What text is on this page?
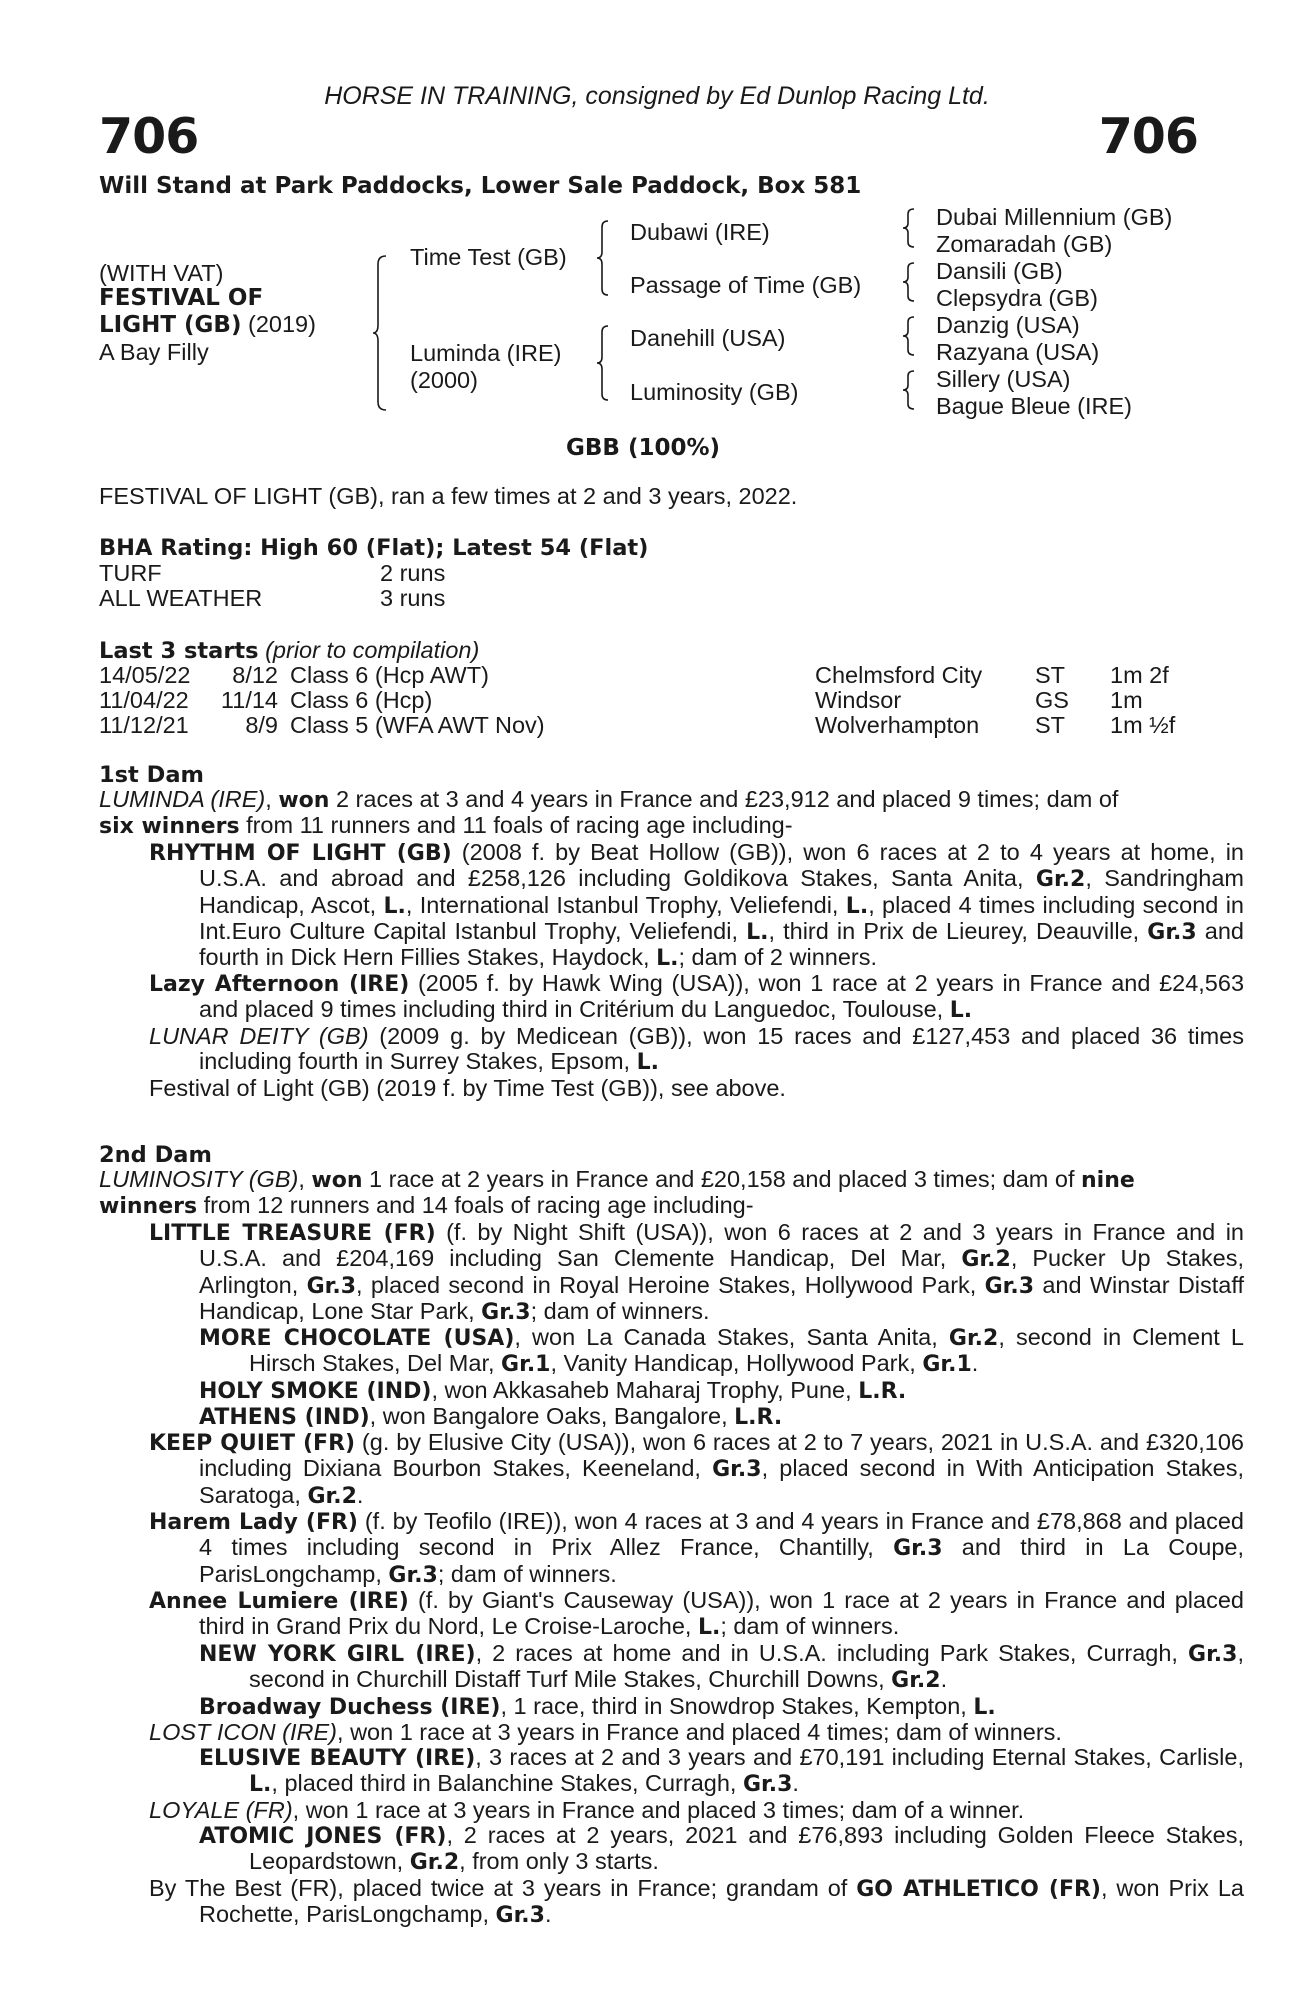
HORSE IN TRAINING, consigned by Ed Dunlop Racing Ltd.
706	706
Will Stand at Park Paddocks, Lower Sale Paddock, Box 581
(WITH VAT)
FESTIVAL OF
LIGHT (GB) (2019)
A Bay Filly
Time Test (GB)
Luminda (IRE)
(2000)
Dubawi (IRE)
Passage of Time (GB)
Danehill (USA)
Luminosity (GB)
Dubai Millennium (GB)
Zomaradah (GB)
Dansili (GB)
Clepsydra (GB)
Danzig (USA)
Razyana (USA)
Sillery (USA)
Bague Bleue (IRE)
GBB (100%)
FESTIVAL OF LIGHT (GB), ran a few times at 2 and 3 years, 2022.
BHA Rating: High 60 (Flat); Latest 54 (Flat)
TURF	2 runs
ALL WEATHER	3 runs
Last 3 starts (prior to compilation)
14/05/22 8/12 Class 6 (Hcp AWT)	Chelmsford City ST 1m 2f
11/04/22 11/14 Class 6 (Hcp)	Windsor	GS 1m
11/12/21 8/9 Class 5 (WFA AWT Nov)	Wolverhampton ST 1m ½f
1st Dam
LUMINDA (IRE), won 2 races at 3 and 4 years in France and £23,912 and placed 9 times; dam of six winners from 11 runners and 11 foals of racing age including-
RHYTHM OF LIGHT (GB) (2008 f. by Beat Hollow (GB)), won 6 races at 2 to 4 years at home, in U.S.A. and abroad and £258,126 including Goldikova Stakes, Santa Anita, Gr.2, Sandringham Handicap, Ascot, L., International Istanbul Trophy, Veliefendi, L., placed 4 times including second in Int.Euro Culture Capital Istanbul Trophy, Veliefendi, L., third in Prix de Lieurey, Deauville, Gr.3 and fourth in Dick Hern Fillies Stakes, Haydock, L.; dam of 2 winners.
Lazy Afternoon (IRE) (2005 f. by Hawk Wing (USA)), won 1 race at 2 years in France and £24,563 and placed 9 times including third in Critérium du Languedoc, Toulouse, L.
LUNAR DEITY (GB) (2009 g. by Medicean (GB)), won 15 races and £127,453 and placed 36 times including fourth in Surrey Stakes, Epsom, L.
Festival of Light (GB) (2019 f. by Time Test (GB)), see above.
2nd Dam
LUMINOSITY (GB), won 1 race at 2 years in France and £20,158 and placed 3 times; dam of nine winners from 12 runners and 14 foals of racing age including-
LITTLE TREASURE (FR) (f. by Night Shift (USA)), won 6 races at 2 and 3 years in France and in U.S.A. and £204,169 including San Clemente Handicap, Del Mar, Gr.2, Pucker Up Stakes, Arlington, Gr.3, placed second in Royal Heroine Stakes, Hollywood Park, Gr.3 and Winstar Distaff Handicap, Lone Star Park, Gr.3; dam of winners.
MORE CHOCOLATE (USA), won La Canada Stakes, Santa Anita, Gr.2, second in Clement L Hirsch Stakes, Del Mar, Gr.1, Vanity Handicap, Hollywood Park, Gr.1.
HOLY SMOKE (IND), won Akkasaheb Maharaj Trophy, Pune, L.R.
ATHENS (IND), won Bangalore Oaks, Bangalore, L.R.
KEEP QUIET (FR) (g. by Elusive City (USA)), won 6 races at 2 to 7 years, 2021 in U.S.A. and £320,106 including Dixiana Bourbon Stakes, Keeneland, Gr.3, placed second in With Anticipation Stakes, Saratoga, Gr.2.
Harem Lady (FR) (f. by Teofilo (IRE)), won 4 races at 3 and 4 years in France and £78,868 and placed 4 times including second in Prix Allez France, Chantilly, Gr.3 and third in La Coupe, ParisLongchamp, Gr.3; dam of winners.
Annee Lumiere (IRE) (f. by Giant's Causeway (USA)), won 1 race at 2 years in France and placed third in Grand Prix du Nord, Le Croise-Laroche, L.; dam of winners.
NEW YORK GIRL (IRE), 2 races at home and in U.S.A. including Park Stakes, Curragh, Gr.3, second in Churchill Distaff Turf Mile Stakes, Churchill Downs, Gr.2.
Broadway Duchess (IRE), 1 race, third in Snowdrop Stakes, Kempton, L.
LOST ICON (IRE), won 1 race at 3 years in France and placed 4 times; dam of winners.
ELUSIVE BEAUTY (IRE), 3 races at 2 and 3 years and £70,191 including Eternal Stakes, Carlisle, L., placed third in Balanchine Stakes, Curragh, Gr.3.
LOYALE (FR), won 1 race at 3 years in France and placed 3 times; dam of a winner.
ATOMIC JONES (FR), 2 races at 2 years, 2021 and £76,893 including Golden Fleece Stakes, Leopardstown, Gr.2, from only 3 starts.
By The Best (FR), placed twice at 3 years in France; grandam of GO ATHLETICO (FR), won Prix La Rochette, ParisLongchamp, Gr.3.
